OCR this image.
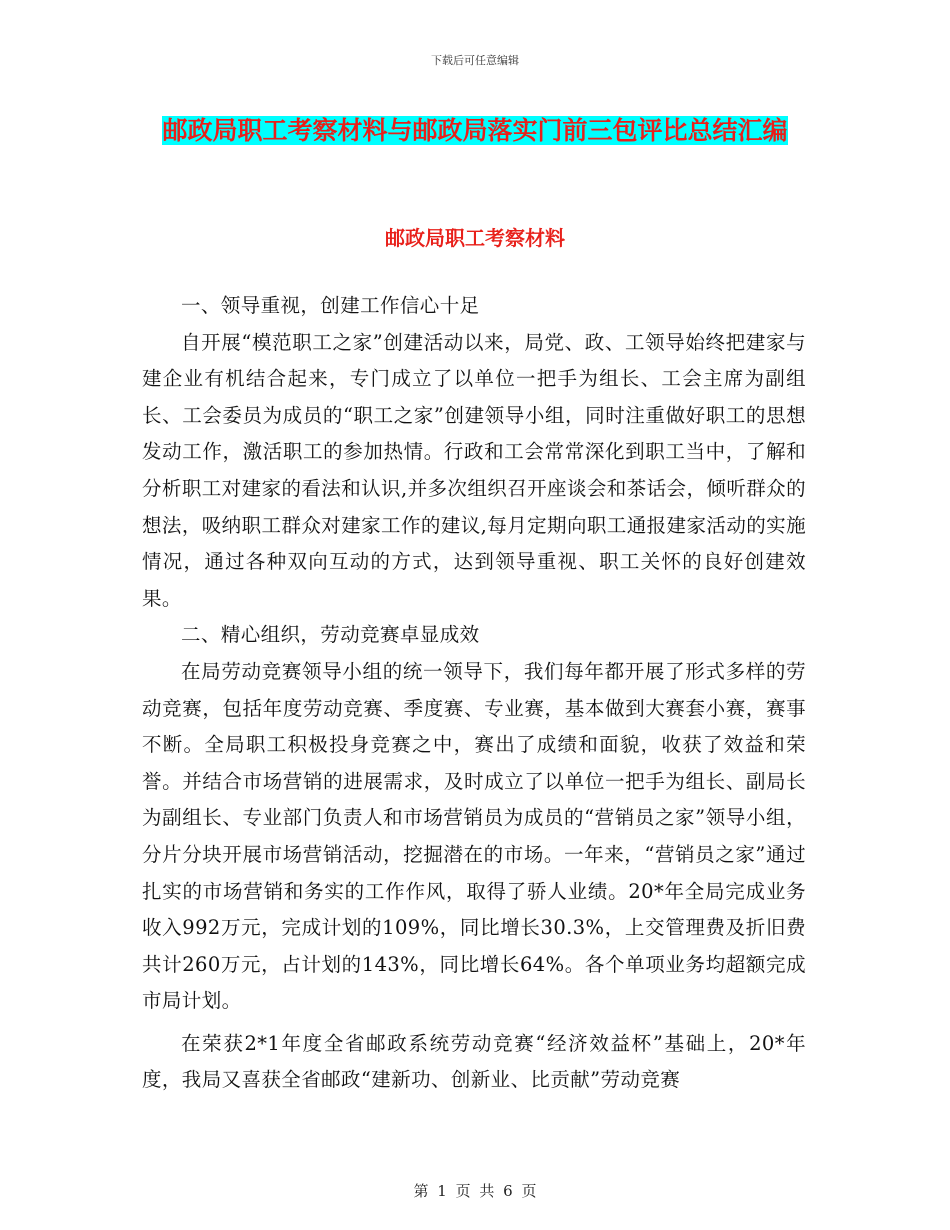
下载后可任意编辑
邮政局职工考察材料与邮政局落实门前三包评比总结汇编
邮政局职工考察材料

一、领导重视，创建工作信心十足

自开展“模范职工之家”创建活动以来，局党、政、工领导始终把建家与建企业有机结合起来，专门成立了以单位一把手为组长、工会主席为副组长、工会委员为成员的“职工之家”创建领导小组，同时注重做好职工的思想发动工作，激活职工的参加热情。行政和工会常常深化到职工当中，了解和分析职工对建家的看法和认识,并多次组织召开座谈会和茶话会，倾听群众的想法，吸纳职工群众对建家工作的建议,每月定期向职工通报建家活动的实施情况，通过各种双向互动的方式，达到领导重视、职工关怀的良好创建效果。

二、精心组织，劳动竞赛卓显成效

在局劳动竞赛领导小组的统一领导下，我们每年都开展了形式多样的劳动竞赛，包括年度劳动竞赛、季度赛、专业赛，基本做到大赛套小赛，赛事不断。全局职工积极投身竞赛之中，赛出了成绩和面貌，收获了效益和荣誉。并结合市场营销的进展需求，及时成立了以单位一把手为组长、副局长为副组长、专业部门负责人和市场营销员为成员的“营销员之家”领导小组，分片分块开展市场营销活动，挖掘潜在的市场。一年来，“营销员之家”通过扎实的市场营销和务实的工作作风，取得了骄人业绩。20*年全局完成业务收入992万元，完成计划的109%，同比增长30.3%，上交管理费及折旧费共计260万元，占计划的143%，同比增长64%。各个单项业务均超额完成市局计划。

在荣获2*1年度全省邮政系统劳动竞赛“经济效益杯”基础上，20*年度，我局又喜获全省邮政“建新功、创新业、比贡献”劳动竞赛

第 1 页 共 6 页
